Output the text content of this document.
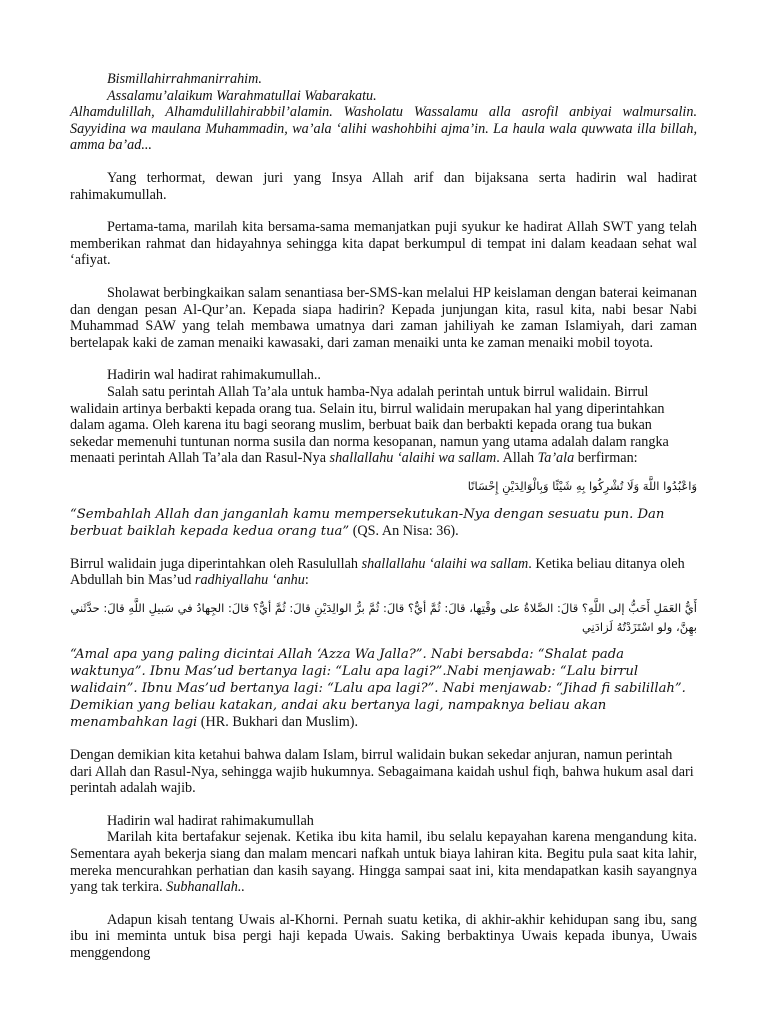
Bismillahirrahmanirrahim.

Assalamu’alaikum Warahmatullai Wabarakatu.

Alhamdulillah, Alhamdulillahirabbil’alamin. Washolatu Wassalamu alla asrofil anbiyai walmursalin. Sayyidina wa maulana Muhammadin, wa’ala ‘alihi washohbihi ajma’in. La haula wala quwwata illa billah, amma ba’ad...

Yang terhormat, dewan juri yang Insya Allah arif dan bijaksana serta hadirin wal hadirat rahimakumullah.

Pertama-tama, marilah kita bersama-sama memanjatkan puji syukur ke hadirat Allah SWT yang telah memberikan rahmat dan hidayahnya sehingga kita dapat berkumpul di tempat ini dalam keadaan sehat wal ‘afiyat.

Sholawat berbingkaikan salam senantiasa ber-SMS-kan melalui HP keislaman dengan baterai keimanan dan dengan pesan Al-Qur’an. Kepada siapa hadirin? Kepada junjungan kita, rasul kita, nabi besar Nabi Muhammad SAW yang telah membawa umatnya dari zaman jahiliyah ke zaman Islamiyah, dari zaman bertelapak kaki de zaman menaiki kawasaki, dari zaman menaiki unta ke zaman menaiki mobil toyota.

Hadirin wal hadirat rahimakumullah..

Salah satu perintah Allah Ta’ala untuk hamba-Nya adalah perintah untuk birrul walidain. Birrul walidain artinya berbakti kepada orang tua. Selain itu, birrul walidain merupakan hal yang diperintahkan dalam agama. Oleh karena itu bagi seorang muslim, berbuat baik dan berbakti kepada orang tua bukan sekedar memenuhi tuntunan norma susila dan norma kesopanan, namun yang utama adalah dalam rangka menaati perintah Allah Ta’ala dan Rasul-Nya shallallahu ‘alaihi wa sallam. Allah Ta’ala berfirman:

وَاعْبُدُوا اللَّهَ وَلَا تُشْرِكُوا بِهِ شَيْئًا وَبِالْوَالِدَيْنِ إِحْسَانًا

“Sembahlah Allah dan janganlah kamu mempersekutukan-Nya dengan sesuatu pun. Dan berbuat baiklah kepada kedua orang tua” (QS. An Nisa: 36).

Birrul walidain juga diperintahkan oleh Rasulullah shallallahu ‘alaihi wa sallam. Ketika beliau ditanya oleh Abdullah bin Mas’ud radhiyallahu ‘anhu:

أَيُّ العَمَلِ أَحَبُّ إلى اللَّهِ؟ قالَ: الصَّلاةُ على وقْتِها، قالَ: ثُمَّ أيٌّ؟ قالَ: ثُمَّ برُّ الوالِدَيْنِ قالَ: ثُمَّ أيٌّ؟ قالَ: الجِهادُ في سَبيلِ اللَّهِ قالَ: حدَّثَني بهِنَّ، ولو اسْتَزَدْتُهُ لَزادَنِي

“Amal apa yang paling dicintai Allah ‘Azza Wa Jalla?”. Nabi bersabda: “Shalat pada waktunya”. Ibnu Mas’ud bertanya lagi: “Lalu apa lagi?”.Nabi menjawab: “Lalu birrul walidain”. Ibnu Mas’ud bertanya lagi: “Lalu apa lagi?”. Nabi menjawab: “Jihad fi sabilillah”. Demikian yang beliau katakan, andai aku bertanya lagi, nampaknya beliau akan menambahkan lagi (HR. Bukhari dan Muslim).

Dengan demikian kita ketahui bahwa dalam Islam, birrul walidain bukan sekedar anjuran, namun perintah dari Allah dan Rasul-Nya, sehingga wajib hukumnya. Sebagaimana kaidah ushul fiqh, bahwa hukum asal dari perintah adalah wajib.

Hadirin wal hadirat rahimakumullah

Marilah kita bertafakur sejenak. Ketika ibu kita hamil, ibu selalu kepayahan karena mengandung kita. Sementara ayah bekerja siang dan malam mencari nafkah untuk biaya lahiran kita. Begitu pula saat kita lahir, mereka mencurahkan perhatian dan kasih sayang. Hingga sampai saat ini, kita mendapatkan kasih sayangnya yang tak terkira. Subhanallah..

Adapun kisah tentang Uwais al-Khorni. Pernah suatu ketika, di akhir-akhir kehidupan sang ibu, sang ibu ini meminta untuk bisa pergi haji kepada Uwais. Saking berbaktinya Uwais kepada ibunya, Uwais menggendong
